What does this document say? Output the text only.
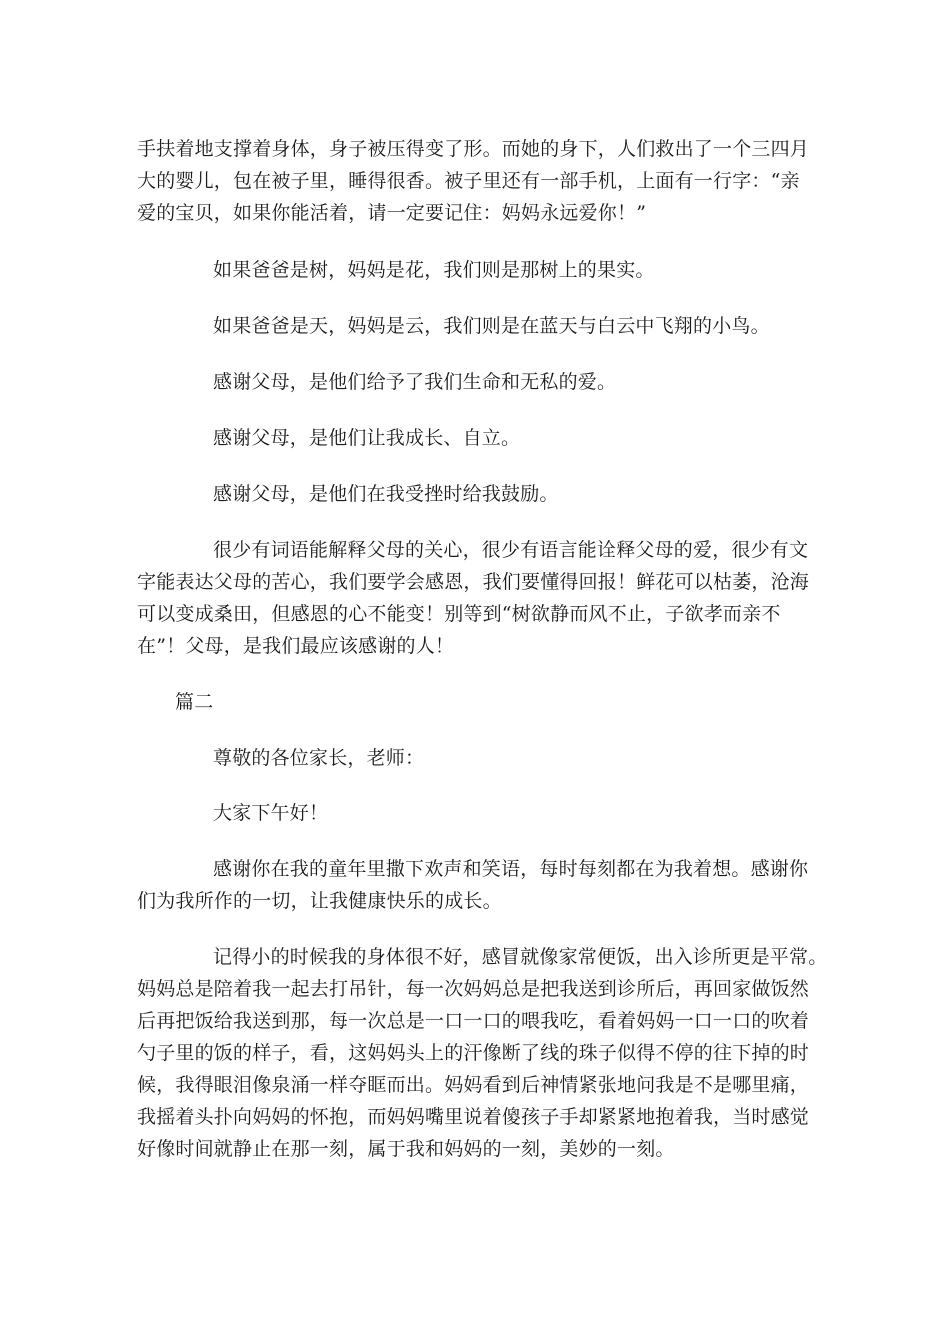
手扶着地支撑着身体，身子被压得变了形。而她的身下，人们救出了一个三四月
大的婴儿，包在被子里，睡得很香。被子里还有一部手机，上面有一行字：“亲
爱的宝贝，如果你能活着，请一定要记住：妈妈永远爱你！”
如果爸爸是树，妈妈是花，我们则是那树上的果实。
如果爸爸是天，妈妈是云，我们则是在蓝天与白云中飞翔的小鸟。
感谢父母，是他们给予了我们生命和无私的爱。
感谢父母，是他们让我成长、自立。
感谢父母，是他们在我受挫时给我鼓励。
很少有词语能解释父母的关心，很少有语言能诠释父母的爱，很少有文
字能表达父母的苦心，我们要学会感恩，我们要懂得回报！鲜花可以枯萎，沧海
可以变成桑田，但感恩的心不能变！别等到“树欲静而风不止，子欲孝而亲不
在”！父母，是我们最应该感谢的人！
篇二
尊敬的各位家长，老师：
大家下午好！
感谢你在我的童年里撒下欢声和笑语，每时每刻都在为我着想。感谢你
们为我所作的一切，让我健康快乐的成长。
记得小的时候我的身体很不好，感冒就像家常便饭，出入诊所更是平常。
妈妈总是陪着我一起去打吊针，每一次妈妈总是把我送到诊所后，再回家做饭然
后再把饭给我送到那，每一次总是一口一口的喂我吃，看着妈妈一口一口的吹着
勺子里的饭的样子，看，这妈妈头上的汗像断了线的珠子似得不停的往下掉的时
候，我得眼泪像泉涌一样夺眶而出。妈妈看到后神情紧张地问我是不是哪里痛，
我摇着头扑向妈妈的怀抱，而妈妈嘴里说着傻孩子手却紧紧地抱着我，当时感觉
好像时间就静止在那一刻，属于我和妈妈的一刻，美妙的一刻。
